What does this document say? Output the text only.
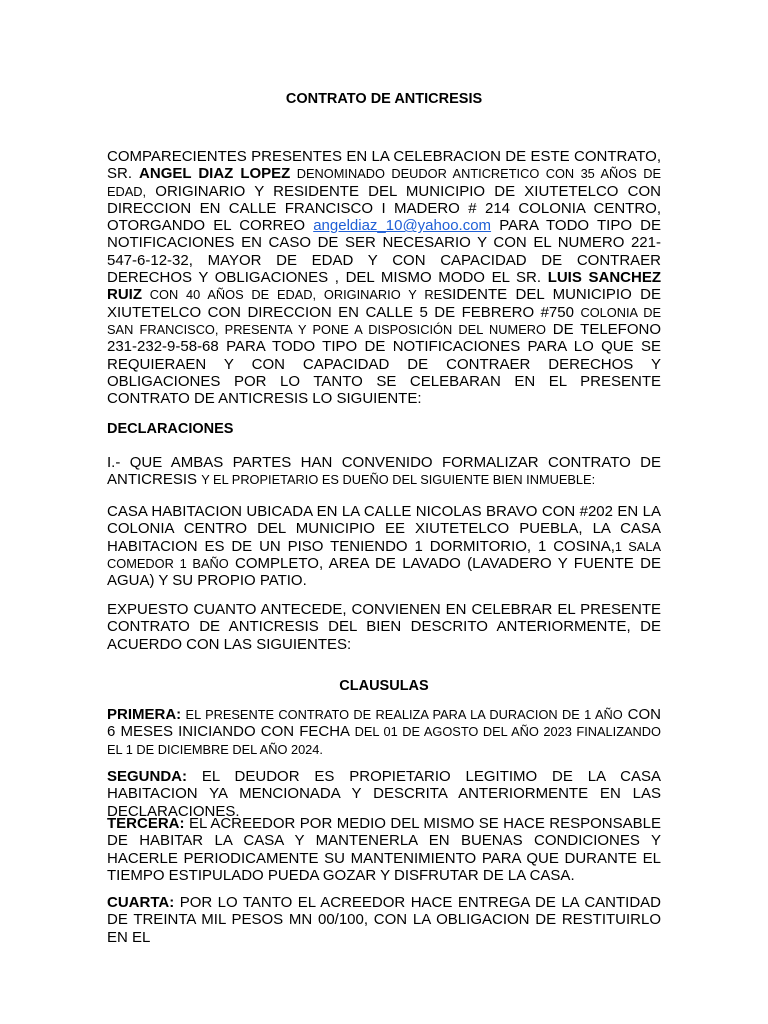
CONTRATO DE ANTICRESIS
COMPARECIENTES PRESENTES EN LA CELEBRACION DE ESTE CONTRATO, SR. ANGEL DIAZ LOPEZ DENOMINADO DEUDOR ANTICRETICO CON 35 AÑOS DE EDAD, ORIGINARIO Y RESIDENTE DEL MUNICIPIO DE XIUTETELCO CON DIRECCION EN CALLE FRANCISCO I MADERO # 214 COLONIA CENTRO, OTORGANDO EL CORREO angeldiaz_10@yahoo.com PARA TODO TIPO DE NOTIFICACIONES EN CASO DE SER NECESARIO Y CON EL NUMERO 221-547-6-12-32, MAYOR DE EDAD Y CON CAPACIDAD DE CONTRAER DERECHOS Y OBLIGACIONES , DEL MISMO MODO EL SR. LUIS SANCHEZ RUIZ CON 40 AÑOS DE EDAD, ORIGINARIO Y RESIDENTE DEL MUNICIPIO DE XIUTETELCO CON DIRECCION EN CALLE 5 DE FEBRERO #750 COLONIA DE SAN FRANCISCO, PRESENTA Y PONE A DISPOSICIÓN DEL NUMERO DE TELEFONO 231-232-9-58-68 PARA TODO TIPO DE NOTIFICACIONES PARA LO QUE SE REQUIERAEN Y CON CAPACIDAD DE CONTRAER DERECHOS Y OBLIGACIONES POR LO TANTO SE CELEBARAN EN EL PRESENTE CONTRATO DE ANTICRESIS LO SIGUIENTE:
DECLARACIONES
I.- QUE AMBAS PARTES HAN CONVENIDO FORMALIZAR CONTRATO DE ANTICRESIS Y EL PROPIETARIO ES DUEÑO DEL SIGUIENTE BIEN INMUEBLE:
CASA HABITACION UBICADA EN LA CALLE NICOLAS BRAVO CON #202 EN LA COLONIA CENTRO DEL MUNICIPIO EE XIUTETELCO PUEBLA, LA CASA HABITACION ES DE UN PISO TENIENDO 1 DORMITORIO, 1 COSINA,1 SALA COMEDOR 1 BAÑO COMPLETO, AREA DE LAVADO (LAVADERO Y FUENTE DE AGUA) Y SU PROPIO PATIO.
EXPUESTO CUANTO ANTECEDE, CONVIENEN EN CELEBRAR EL PRESENTE CONTRATO DE ANTICRESIS DEL BIEN DESCRITO ANTERIORMENTE, DE ACUERDO CON LAS SIGUIENTES:
CLAUSULAS
PRIMERA: EL PRESENTE CONTRATO DE REALIZA PARA LA DURACION DE 1 AÑO CON 6 MESES INICIANDO CON FECHA DEL 01 DE AGOSTO DEL AÑO 2023 FINALIZANDO EL 1 DE DICIEMBRE DEL AÑO 2024.
SEGUNDA: EL DEUDOR ES PROPIETARIO LEGITIMO DE LA CASA HABITACION YA MENCIONADA Y DESCRITA ANTERIORMENTE EN LAS DECLARACIONES.
TERCERA: EL ACREEDOR POR MEDIO DEL MISMO SE HACE RESPONSABLE DE HABITAR LA CASA Y MANTENERLA EN BUENAS CONDICIONES Y HACERLE PERIODICAMENTE SU MANTENIMIENTO PARA QUE DURANTE EL TIEMPO ESTIPULADO PUEDA GOZAR Y DISFRUTAR DE LA CASA.
CUARTA: POR LO TANTO EL ACREEDOR HACE ENTREGA DE LA CANTIDAD DE TREINTA MIL PESOS MN 00/100, CON LA OBLIGACION DE RESTITUIRLO EN EL
